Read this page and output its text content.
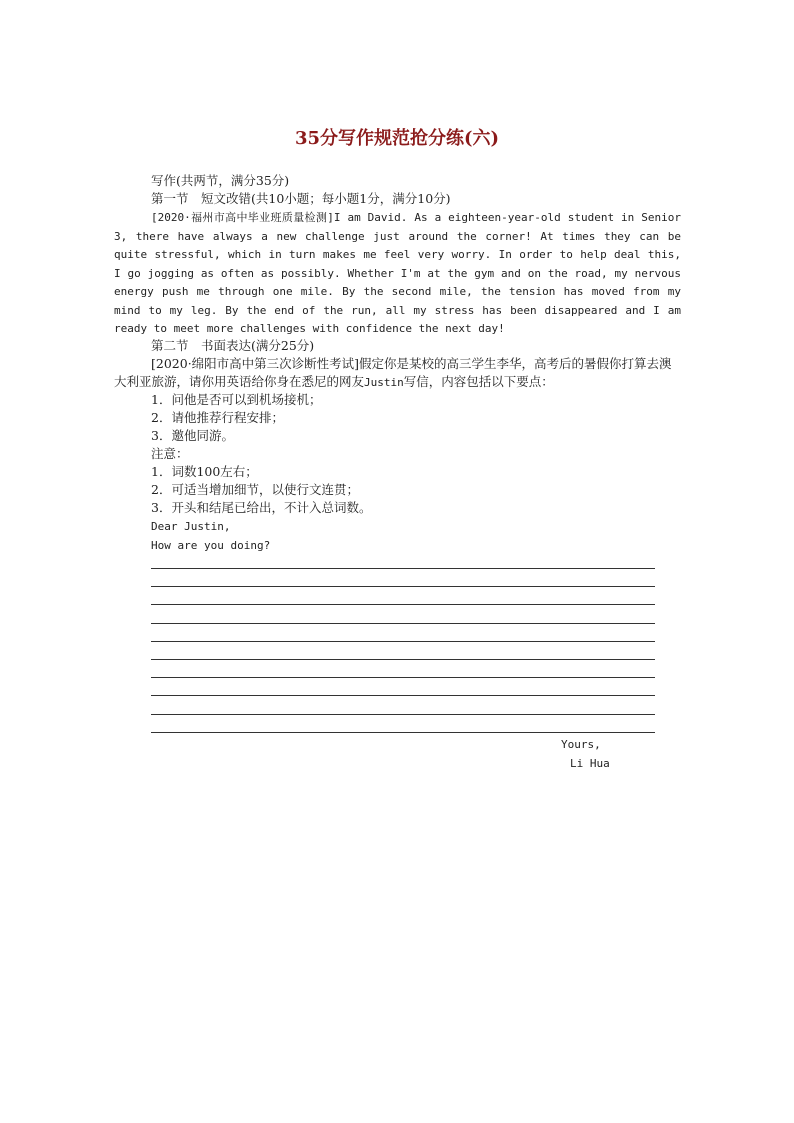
35分写作规范抢分练(六)
写作(共两节，满分35分)
第一节　短文改错(共10小题；每小题1分，满分10分)

[2020·福州市高中毕业班质量检测]I am David. As a eighteen-year-old student in Senior 3, there have always a new challenge just around the corner! At times they can be quite stressful, which in turn makes me feel very worry. In order to help deal this, I go jogging as often as possibly. Whether I'm at the gym and on the road, my nervous energy push me through one mile. By the second mile, the tension has moved from my mind to my leg. By the end of the run, all my stress has been disappeared and I am ready to meet more challenges with confidence the next day!

第二节　书面表达(满分25分)

[2020·绵阳市高中第三次诊断性考试]假定你是某校的高三学生李华，高考后的暑假你打算去澳大利亚旅游，请你用英语给你身在悉尼的网友Justin写信，内容包括以下要点：

1．问他是否可以到机场接机；
2．请他推荐行程安排；
3．邀他同游。
注意：
1．词数100左右；
2．可适当增加细节，以使行文连贯；
3．开头和结尾已给出，不计入总词数。
Dear Justin,
How are you doing?
Yours,
Li Hua
